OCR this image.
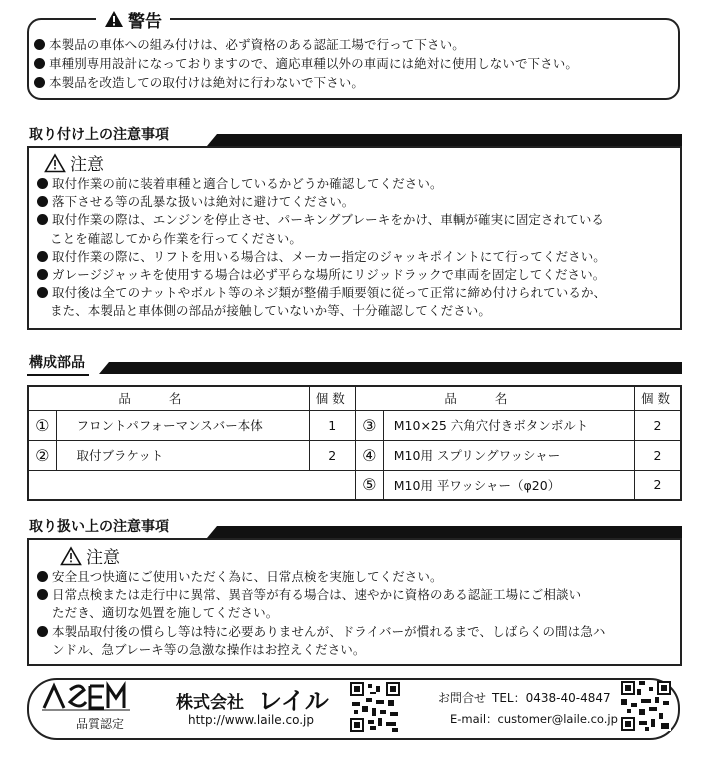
警告
本製品の車体への組み付けは、必ず資格のある認証工場で行って下さい。
車種別専用設計になっておりますので、適応車種以外の車両には絶対に使用しないで下さい。
本製品を改造しての取付けは絶対に行わないで下さい。
取り付け上の注意事項
注意
取付作業の前に装着車種と適合しているかどうか確認してください。
落下させる等の乱暴な扱いは絶対に避けてください。
取付作業の際は、エンジンを停止させ、パーキングブレーキをかけ、車輌が確実に固定されている
ことを確認してから作業を行ってください。
取付作業の際に、リフトを用いる場合は、メーカー指定のジャッキポイントにて行ってください。
ガレージジャッキを使用する場合は必ず平らな場所にリジッドラックで車両を固定してください。
取付後は全てのナットやボルト等のネジ類が整備手順要領に従って正常に締め付けられているか、
また、本製品と車体側の部品が接触していないか等、十分確認してください。
構成部品
品名		個数	品名		個数
①	フロントパフォーマンスバー本体	1	③	M10×25 六角穴付きボタンボルト	2
②	取付ブラケット	2	④	M10用 スプリングワッシャー	2
			⑤	M10用 平ワッシャー（φ20）	2
取り扱い上の注意事項
注意
安全且つ快適にご使用いただく為に、日常点検を実施してください。
日常点検または走行中に異常、異音等が有る場合は、速やかに資格のある認証工場にご相談い
ただき、適切な処置を施してください。
本製品取付後の慣らし等は特に必要ありませんが、ドライバーが慣れるまで、しばらくの間は急ハ
ンドル、急ブレーキ等の急激な操作はお控えください。
品質認定
株式会社 レイル
http://www.laile.co.jp
お問合せ TEL：0438-40-4847
E-mail：customer@laile.co.jp
